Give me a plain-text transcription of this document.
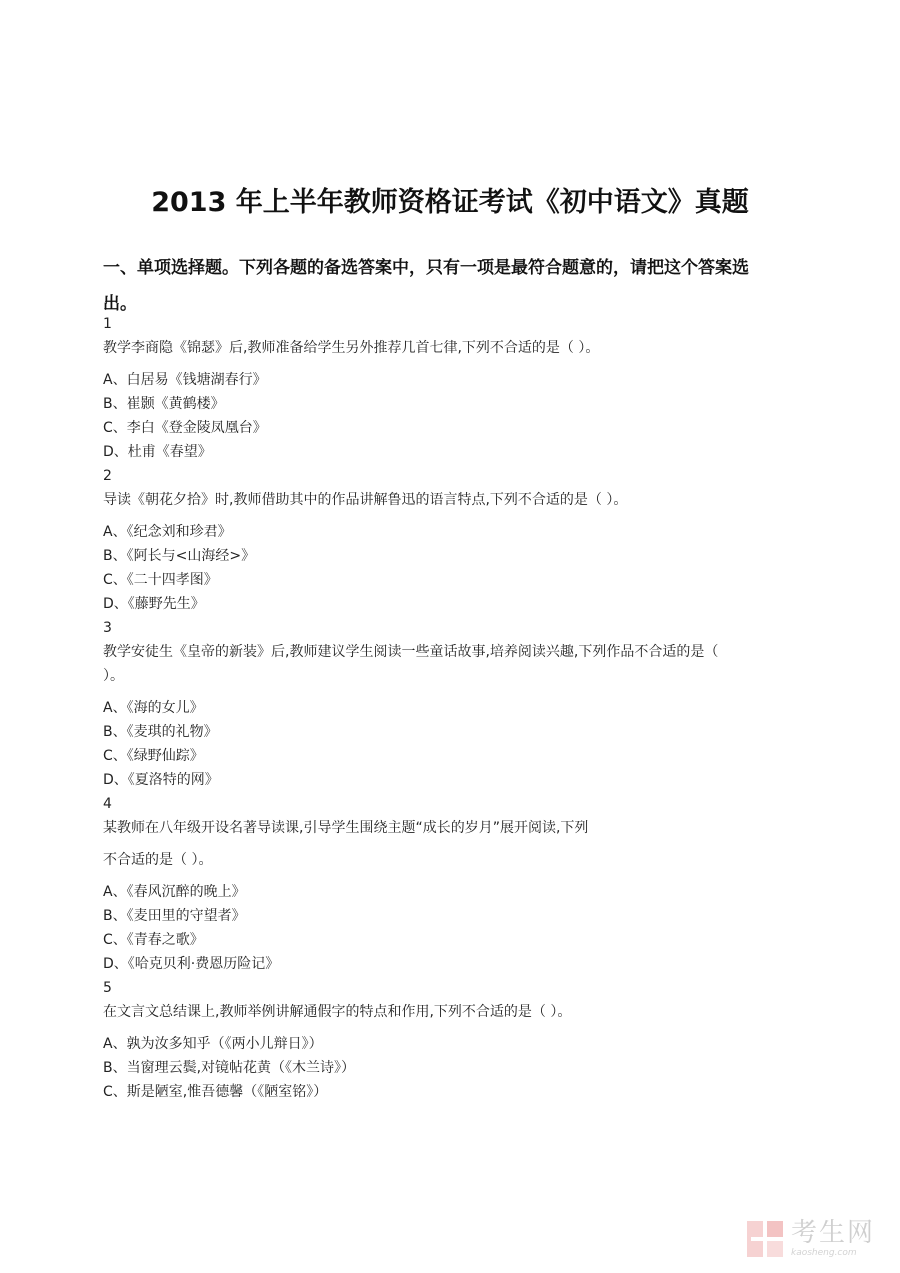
2013 年上半年教师资格证考试《初中语文》真题
一、单项选择题。下列各题的备选答案中，只有一项是最符合题意的，请把这个答案选
出。
1

教学李商隐《锦瑟》后,教师准备给学生另外推荐几首七律,下列不合适的是（ ）。

A、白居易《钱塘湖春行》
B、崔颢《黄鹤楼》
C、李白《登金陵凤凰台》
D、杜甫《春望》
2

导读《朝花夕拾》时,教师借助其中的作品讲解鲁迅的语言特点,下列不合适的是（ ）。

A、《纪念刘和珍君》
B、《阿长与<山海经>》
C、《二十四孝图》
D、《藤野先生》
3

教学安徒生《皇帝的新装》后,教师建议学生阅读一些童话故事,培养阅读兴趣,下列作品不合适的是（

）。

A、《海的女儿》
B、《麦琪的礼物》
C、《绿野仙踪》
D、《夏洛特的网》
4

某教师在八年级开设名著导读课,引导学生围绕主题“成长的岁月”展开阅读,下列

不合适的是（ ）。

A、《春风沉醉的晚上》
B、《麦田里的守望者》
C、《青春之歌》
D、《哈克贝利·费恩历险记》
5

在文言文总结课上,教师举例讲解通假字的特点和作用,下列不合适的是（ ）。

A、孰为汝多知乎（《两小儿辩日》）
B、当窗理云鬓,对镜帖花黄（《木兰诗》）
C、斯是陋室,惟吾德馨（《陋室铭》）
考生网
kaosheng.com
